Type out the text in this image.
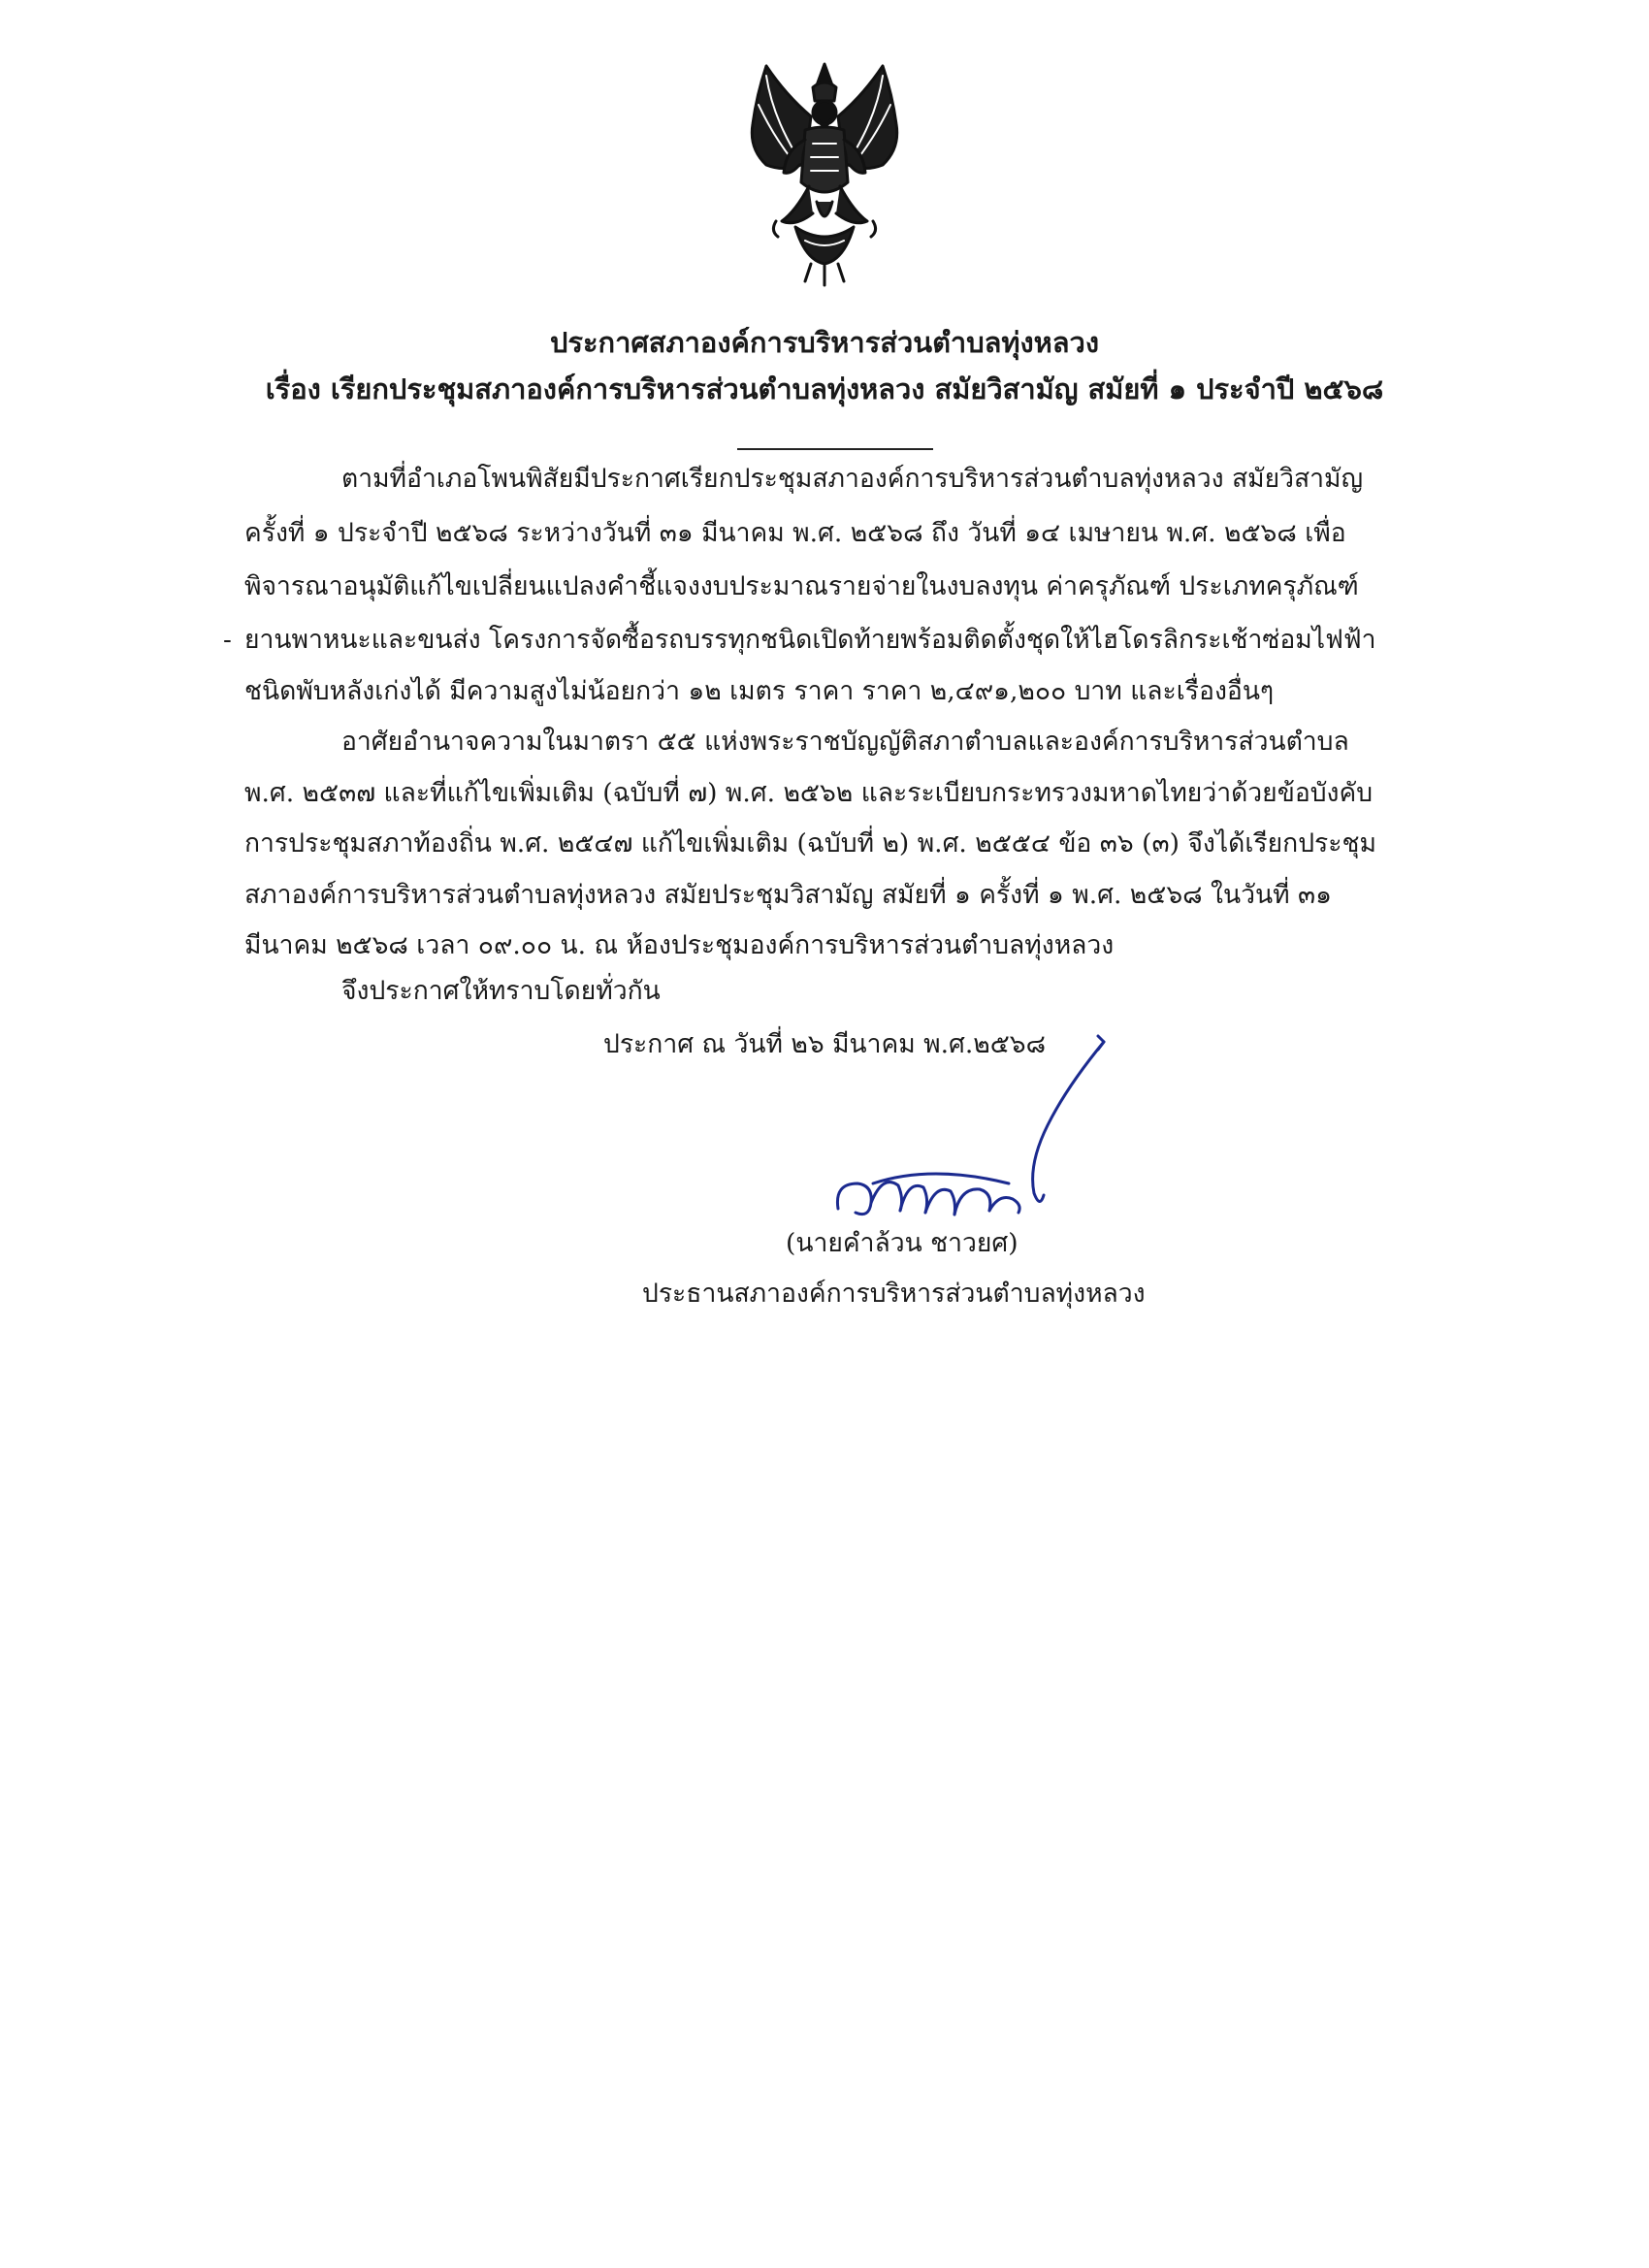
ประกาศสภาองค์การบริหารส่วนตำบลทุ่งหลวง
เรื่อง เรียกประชุมสภาองค์การบริหารส่วนตำบลทุ่งหลวง สมัยวิสามัญ สมัยที่ ๑ ประจำปี ๒๕๖๘
ตามที่อำเภอโพนพิสัยมีประกาศเรียกประชุมสภาองค์การบริหารส่วนตำบลทุ่งหลวง สมัยวิสามัญ
ครั้งที่ ๑ ประจำปี ๒๕๖๘ ระหว่างวันที่ ๓๑ มีนาคม พ.ศ. ๒๕๖๘ ถึง วันที่ ๑๔ เมษายน พ.ศ. ๒๕๖๘ เพื่อ
พิจารณาอนุมัติแก้ไขเปลี่ยนแปลงคำชี้แจงงบประมาณรายจ่ายในงบลงทุน ค่าครุภัณฑ์ ประเภทครุภัณฑ์
- ยานพาหนะและขนส่ง โครงการจัดซื้อรถบรรทุกชนิดเปิดท้ายพร้อมติดตั้งชุดให้ไฮโดรลิกระเช้าซ่อมไฟฟ้า
ชนิดพับหลังเก่งได้ มีความสูงไม่น้อยกว่า ๑๒ เมตร ราคา ราคา ๒,๔๙๑,๒๐๐ บาท และเรื่องอื่นๆ
อาศัยอำนาจความในมาตรา ๕๕ แห่งพระราชบัญญัติสภาตำบลและองค์การบริหารส่วนตำบล
พ.ศ. ๒๕๓๗ และที่แก้ไขเพิ่มเติม (ฉบับที่ ๗) พ.ศ. ๒๕๖๒ และระเบียบกระทรวงมหาดไทยว่าด้วยข้อบังคับ
การประชุมสภาท้องถิ่น พ.ศ. ๒๕๔๗ แก้ไขเพิ่มเติม (ฉบับที่ ๒) พ.ศ. ๒๕๕๔ ข้อ ๓๖ (๓) จึงได้เรียกประชุม
สภาองค์การบริหารส่วนตำบลทุ่งหลวง สมัยประชุมวิสามัญ สมัยที่ ๑ ครั้งที่ ๑ พ.ศ. ๒๕๖๘ ในวันที่ ๓๑
มีนาคม ๒๕๖๘ เวลา ๐๙.๐๐ น. ณ ห้องประชุมองค์การบริหารส่วนตำบลทุ่งหลวง
จึงประกาศให้ทราบโดยทั่วกัน
ประกาศ ณ วันที่ ๒๖ มีนาคม พ.ศ.๒๕๖๘
(นายคำล้วน ชาวยศ)
ประธานสภาองค์การบริหารส่วนตำบลทุ่งหลวง
